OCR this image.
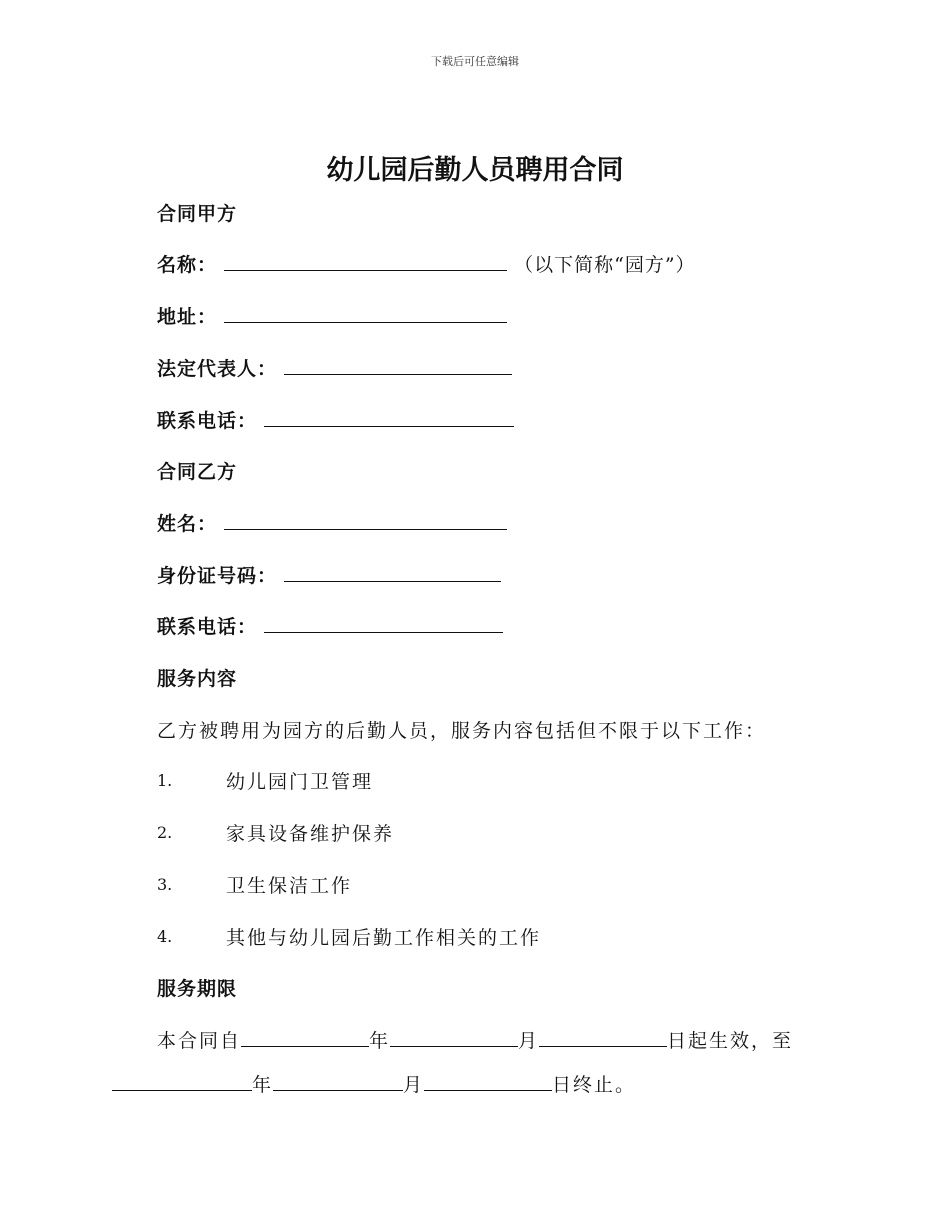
下载后可任意编辑
幼儿园后勤人员聘用合同
合同甲方
名称：	（以下简称“园方”）
地址：
法定代表人：
联系电话：
合同乙方
姓名：
身份证号码：
联系电话：
服务内容
乙方被聘用为园方的后勤人员，服务内容包括但不限于以下工作：
1.	幼儿园门卫管理
2.	家具设备维护保养
3.	卫生保洁工作
4.	其他与幼儿园后勤工作相关的工作
服务期限
本合同自	年	月	日起生效，至
年	月	日终止。
